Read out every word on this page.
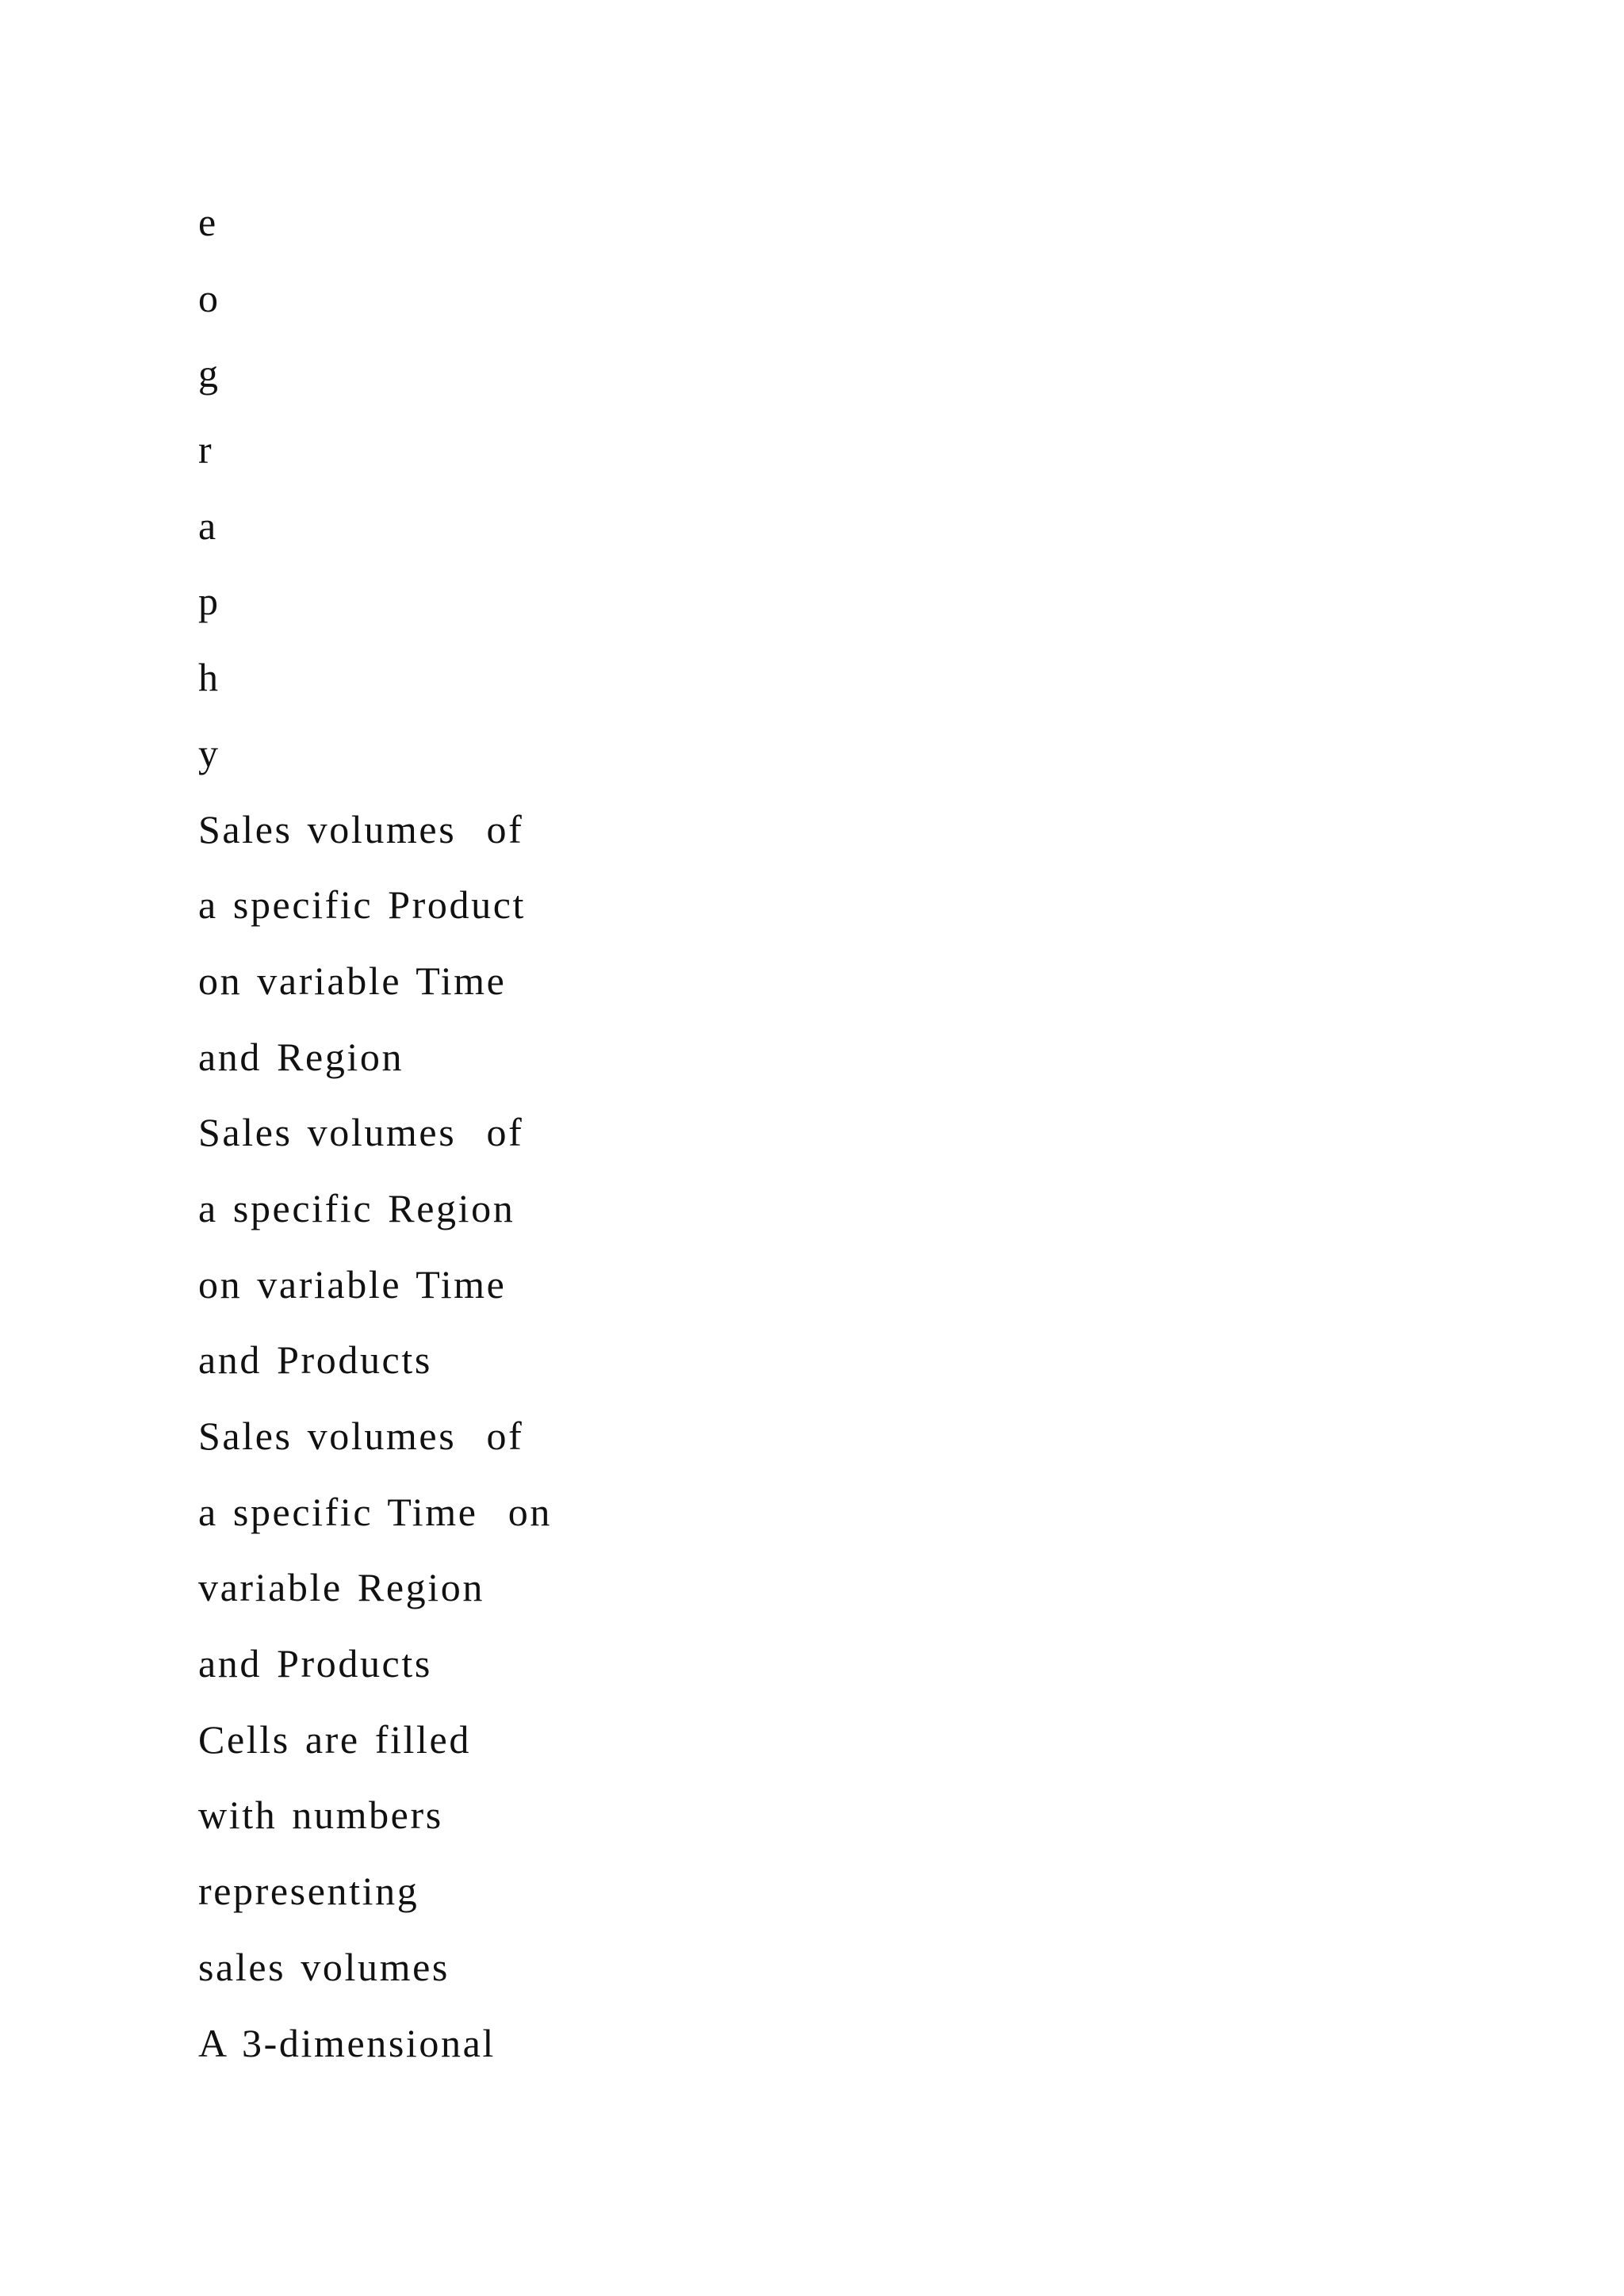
e
o
g
r
a
p
h
y
Sales volumes  of
a specific Product
on variable Time
and Region
Sales volumes  of
a specific Region
on variable Time
and Products
Sales volumes  of
a specific Time  on
variable Region
and Products
Cells are filled
with numbers
representing
sales volumes
A 3-dimensional
